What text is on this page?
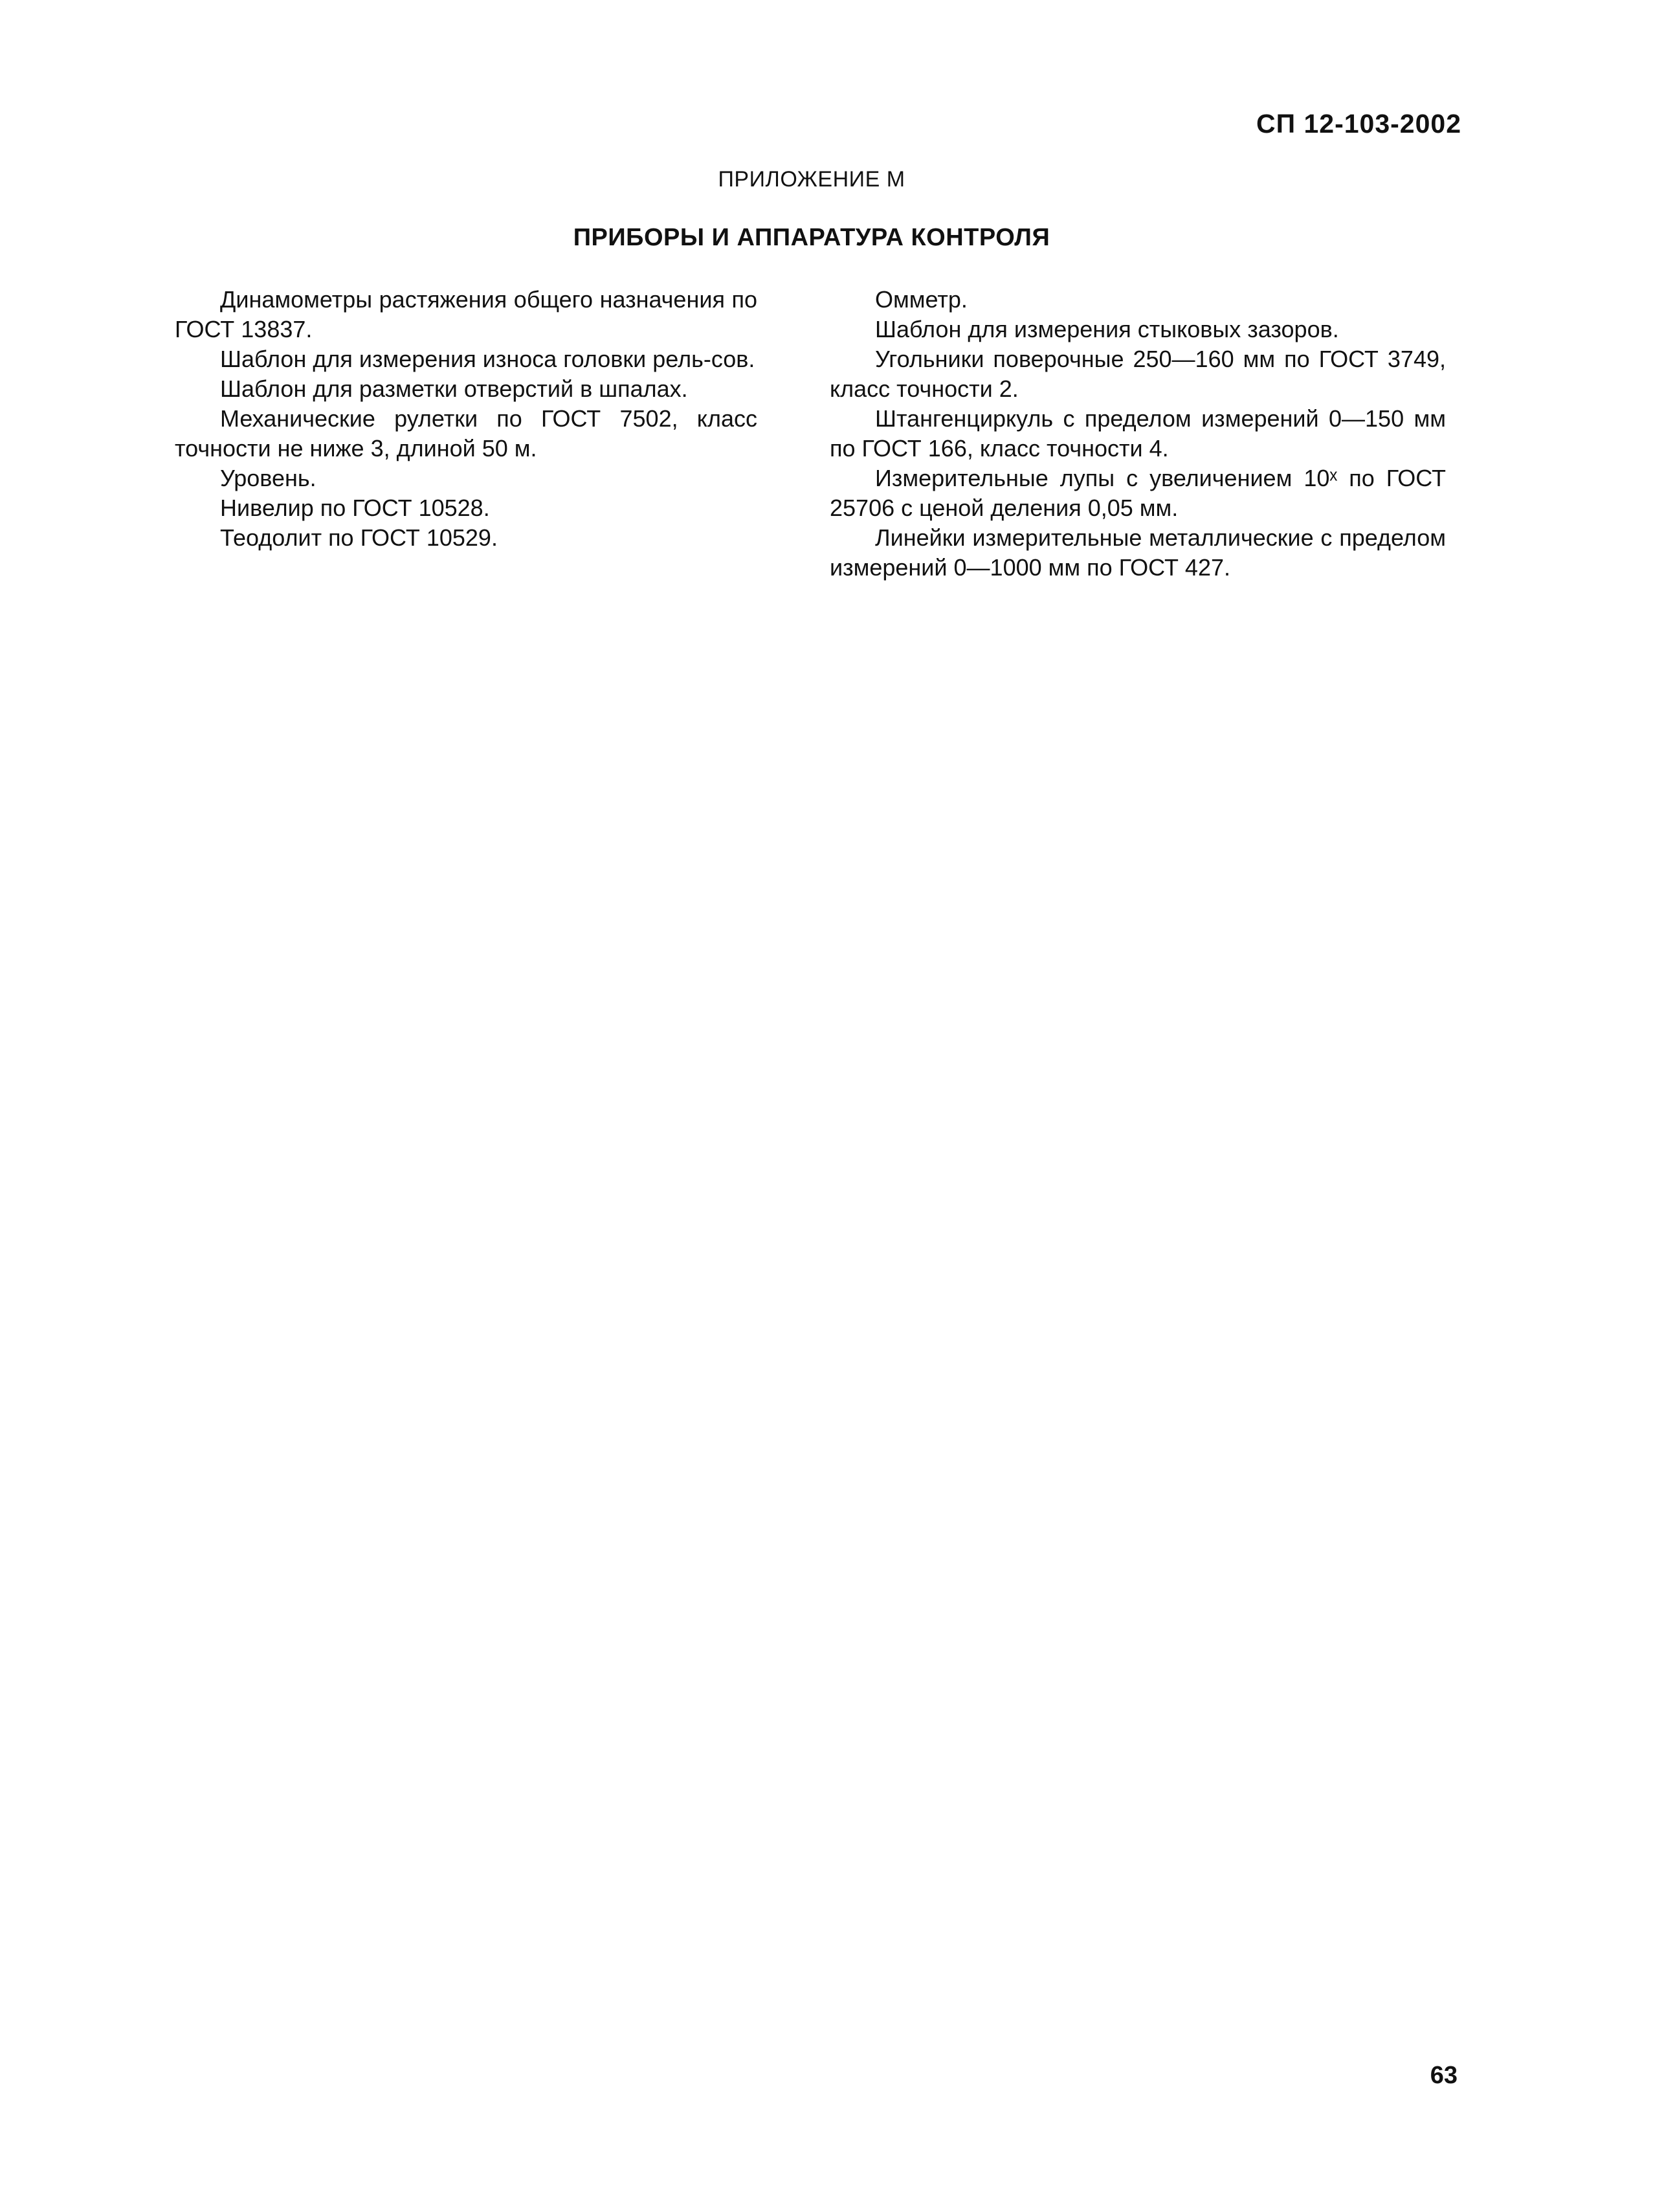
СП 12-103-2002
ПРИЛОЖЕНИЕ М
ПРИБОРЫ И АППАРАТУРА КОНТРОЛЯ

Динамометры растяжения общего назначения по ГОСТ 13837.

Шаблон для измерения износа головки рель-сов.

Шаблон для разметки отверстий в шпалах.

Механические рулетки по ГОСТ 7502, класс точности не ниже 3, длиной 50 м.

Уровень.

Нивелир по ГОСТ 10528.

Теодолит по ГОСТ 10529.

Омметр.

Шаблон для измерения стыковых зазоров.

Угольники поверочные 250—160 мм по ГОСТ 3749, класс точности 2.

Штангенциркуль с пределом измерений 0—150 мм по ГОСТ 166, класс точности 4.

Измерительные лупы с увеличением 10ˣ по ГОСТ 25706 с ценой деления 0,05 мм.

Линейки измерительные металлические с пределом измерений 0—1000 мм по ГОСТ 427.

63
